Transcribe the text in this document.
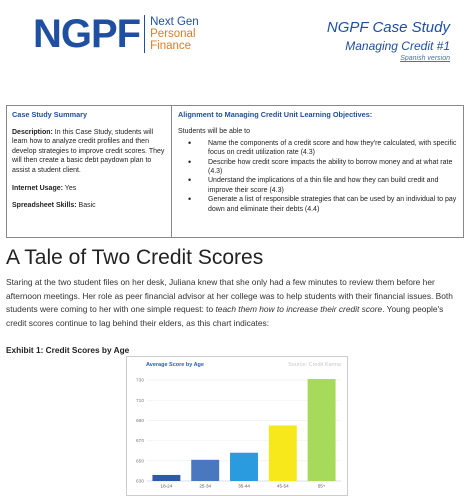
NGPF Next Gen
Personal
Finance
NGPF Case Study
Managing Credit #1
Spanish version
Case Study Summary

Description: In this Case Study, students will learn how to analyze credit profiles and then develop strategies to improve credit scores. They will then create a basic debt paydown plan to assist a student client.

Internet Usage: Yes

Spreadsheet Skills: Basic

Alignment to Managing Credit Unit Learning Objectives:
Students will be able to
• Name the components of a credit score and how they're calculated, with specific focus on credit utilization rate (4.3)
• Describe how credit score impacts the ability to borrow money and at what rate (4.3)
• Understand the implications of a thin file and how they can build credit and improve their score (4.3)
• Generate a list of responsible strategies that can be used by an individual to pay down and eliminate their debts (4.4)
A Tale of Two Credit Scores
Staring at the two student files on her desk, Juliana knew that she only had a few minutes to review them before her afternoon meetings. Her role as peer financial advisor at her college was to help students with their financial issues. Both students were coming to her with one simple request: to teach them how to increase their credit score. Young people's credit scores continue to lag behind their elders, as this chart indicates:
Exhibit 1: Credit Scores by Age
630
650
670
690
710
730
18-24	25-34	35-44	45-54	55+
Average Score by Age	Source: Credit Karma
